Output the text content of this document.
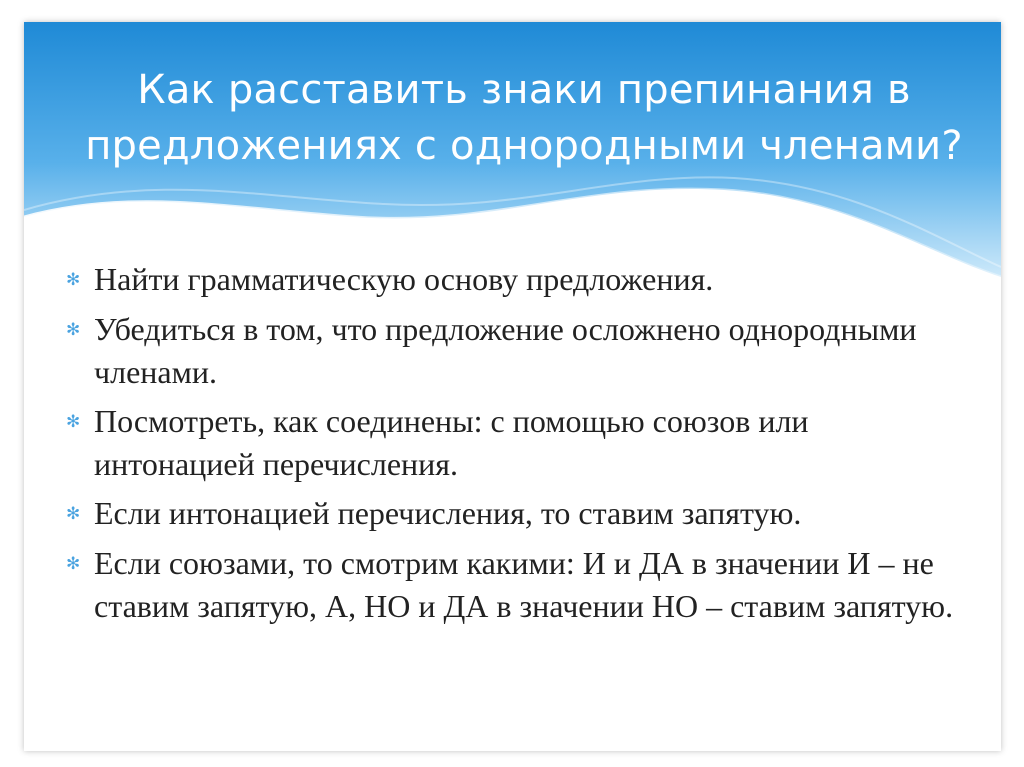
Как расставить знаки препинания в предложениях с однородными членами?
✻ Найти грамматическую основу предложения.
✻ Убедиться в том, что предложение осложнено однородными членами.
✻ Посмотреть, как соединены: с помощью союзов или интонацией перечисления.
✻ Если интонацией перечисления, то ставим запятую.
✻ Если союзами, то смотрим какими: И и ДА в значении И – не ставим запятую, А, НО и ДА в значении НО – ставим запятую.
